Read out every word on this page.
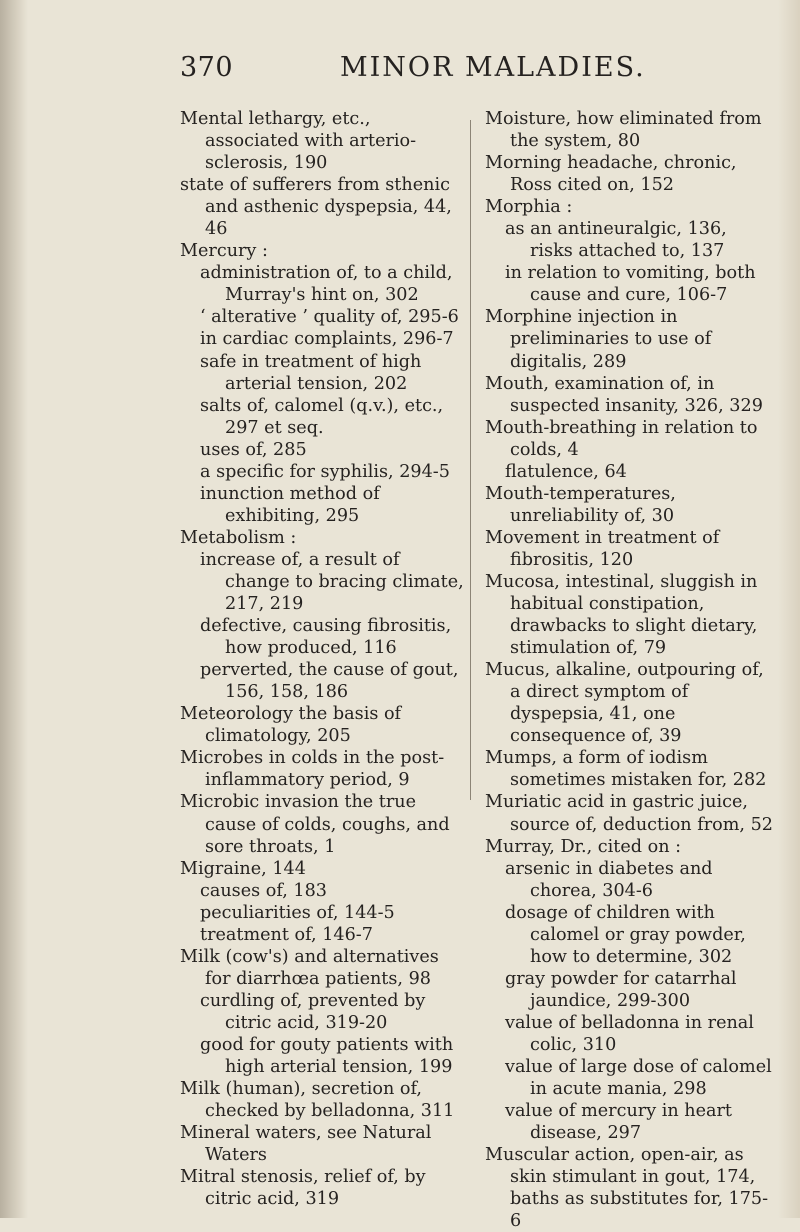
370	MINOR MALADIES.
Mental lethargy, etc., associated with arterio-sclerosis, 190
state of sufferers from sthenic and asthenic dyspepsia, 44, 46
Mercury :
administration of, to a child, Murray's hint on, 302
‘ alterative ’ quality of, 295-6
in cardiac complaints, 296-7
safe in treatment of high arterial tension, 202
salts of, calomel (q.v.), etc., 297 et seq.
uses of, 285
a specific for syphilis, 294-5
inunction method of exhibiting, 295
Metabolism :
increase of, a result of change to bracing climate, 217, 219
defective, causing fibrositis, how produced, 116
perverted, the cause of gout, 156, 158, 186
Meteorology the basis of climatology, 205
Microbes in colds in the post-inflammatory period, 9
Microbic invasion the true cause of colds, coughs, and sore throats, 1
Migraine, 144
causes of, 183
peculiarities of, 144-5
treatment of, 146-7
Milk (cow's) and alternatives for diarrhœa patients, 98
curdling of, prevented by citric acid, 319-20
good for gouty patients with high arterial tension, 199
Milk (human), secretion of, checked by belladonna, 311
Mineral waters, see Natural Waters
Mitral stenosis, relief of, by citric acid, 319
Moisture, how eliminated from the system, 80
Morning headache, chronic, Ross cited on, 152
Morphia :
as an antineuralgic, 136, risks attached to, 137
in relation to vomiting, both cause and cure, 106-7
Morphine injection in preliminaries to use of digitalis, 289
Mouth, examination of, in suspected insanity, 326, 329
Mouth-breathing in relation to colds, 4
flatulence, 64
Mouth-temperatures, unreliability of, 30
Movement in treatment of fibrositis, 120
Mucosa, intestinal, sluggish in habitual constipation, drawbacks to slight dietary, stimulation of, 79
Mucus, alkaline, outpouring of, a direct symptom of dyspepsia, 41, one consequence of, 39
Mumps, a form of iodism sometimes mistaken for, 282
Muriatic acid in gastric juice, source of, deduction from, 52
Murray, Dr., cited on :
arsenic in diabetes and chorea, 304-6
dosage of children with calomel or gray powder, how to determine, 302
gray powder for catarrhal jaundice, 299-300
value of belladonna in renal colic, 310
value of large dose of calomel in acute mania, 298
value of mercury in heart disease, 297
Muscular action, open-air, as skin stimulant in gout, 174, baths as substitutes for, 175-6
